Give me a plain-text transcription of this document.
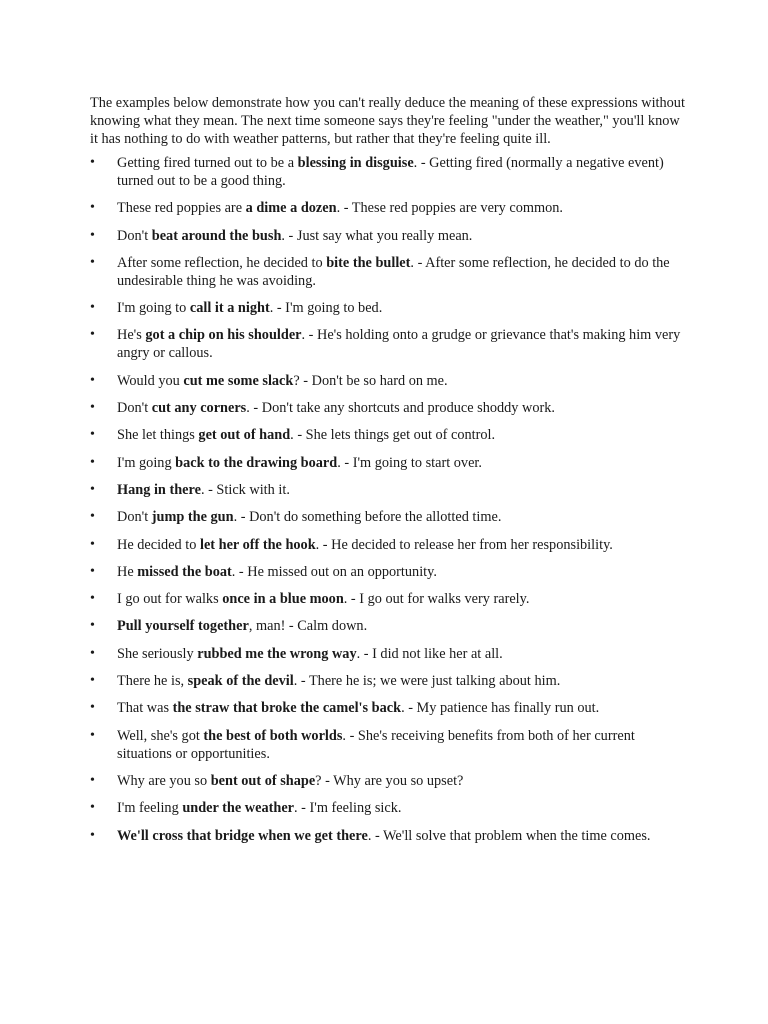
The examples below demonstrate how you can't really deduce the meaning of these expressions without knowing what they mean. The next time someone says they're feeling "under the weather," you'll know it has nothing to do with weather patterns, but rather that they're feeling quite ill.

• Getting fired turned out to be a blessing in disguise. - Getting fired (normally a negative event) turned out to be a good thing.
• These red poppies are a dime a dozen. - These red poppies are very common.
• Don't beat around the bush. - Just say what you really mean.
• After some reflection, he decided to bite the bullet. - After some reflection, he decided to do the undesirable thing he was avoiding.
• I'm going to call it a night. - I'm going to bed.
• He's got a chip on his shoulder. - He's holding onto a grudge or grievance that's making him very angry or callous.
• Would you cut me some slack? - Don't be so hard on me.
• Don't cut any corners. - Don't take any shortcuts and produce shoddy work.
• She let things get out of hand. - She lets things get out of control.
• I'm going back to the drawing board. - I'm going to start over.
• Hang in there. - Stick with it.
• Don't jump the gun. - Don't do something before the allotted time.
• He decided to let her off the hook. - He decided to release her from her responsibility.
• He missed the boat. - He missed out on an opportunity.
• I go out for walks once in a blue moon. - I go out for walks very rarely.
• Pull yourself together, man! - Calm down.
• She seriously rubbed me the wrong way. - I did not like her at all.
• There he is, speak of the devil. - There he is; we were just talking about him.
• That was the straw that broke the camel's back. - My patience has finally run out.
• Well, she's got the best of both worlds. - She's receiving benefits from both of her current situations or opportunities.
• Why are you so bent out of shape? - Why are you so upset?
• I'm feeling under the weather. - I'm feeling sick.
• We'll cross that bridge when we get there. - We'll solve that problem when the time comes.
